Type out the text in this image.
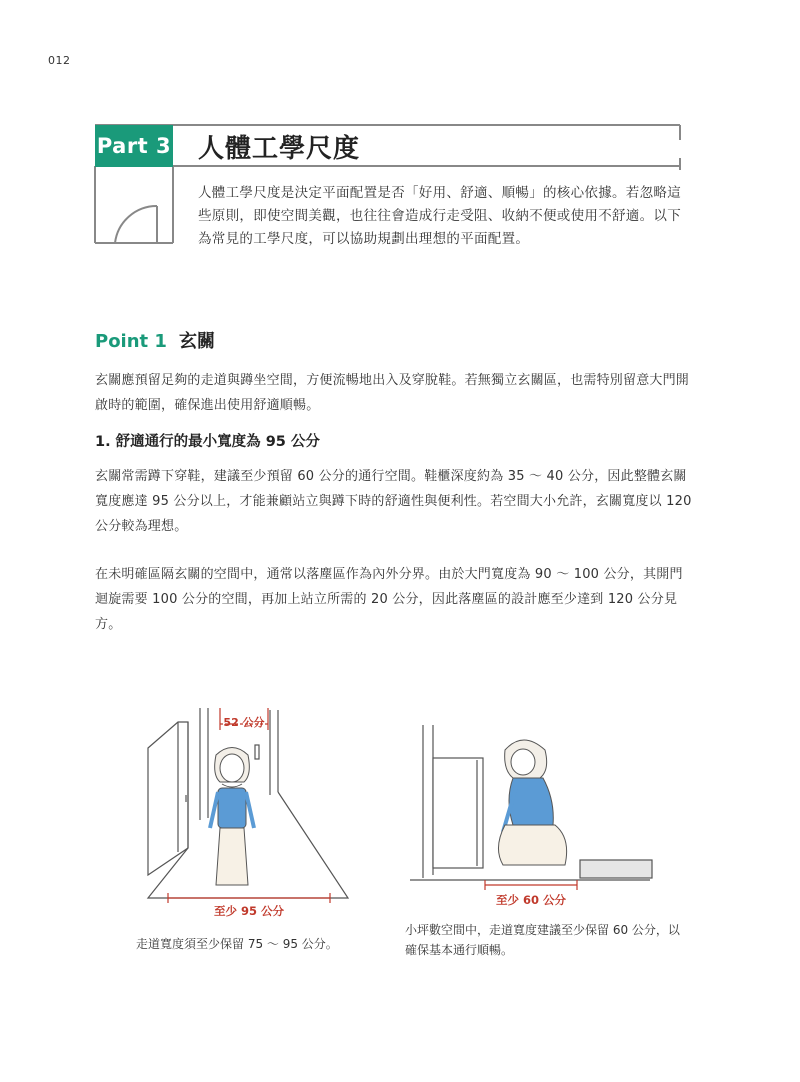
012
Part 3 人體工學尺度
人體工學尺度是決定平面配置是否「好用、舒適、順暢」的核心依據。若忽略這些原則，即使空間美觀，也往往會造成行走受阻、收納不便或使用不舒適。以下為常見的工學尺度，可以協助規劃出理想的平面配置。
Point 1 玄關
玄關應預留足夠的走道與蹲坐空間，方便流暢地出入及穿脫鞋。若無獨立玄關區，也需特別留意大門開啟時的範圍，確保進出使用舒適順暢。
1. 舒適通行的最小寬度為 95 公分
玄關常需蹲下穿鞋，建議至少預留 60 公分的通行空間。鞋櫃深度約為 35 ～ 40 公分，因此整體玄關寬度應達 95 公分以上，才能兼顧站立與蹲下時的舒適性與便利性。若空間大小允許，玄關寬度以 120 公分較為理想。
在未明確區隔玄關的空間中，通常以落塵區作為內外分界。由於大門寬度為 90 ～ 100 公分，其開門迴旋需要 100 公分的空間，再加上站立所需的 20 公分，因此落塵區的設計應至少達到 120 公分見方。
52 公分
至少 95 公分
走道寬度須至少保留 75 ～ 95 公分。
至少 60 公分
小坪數空間中，走道寬度建議至少保留 60 公分，以確保基本通行順暢。
